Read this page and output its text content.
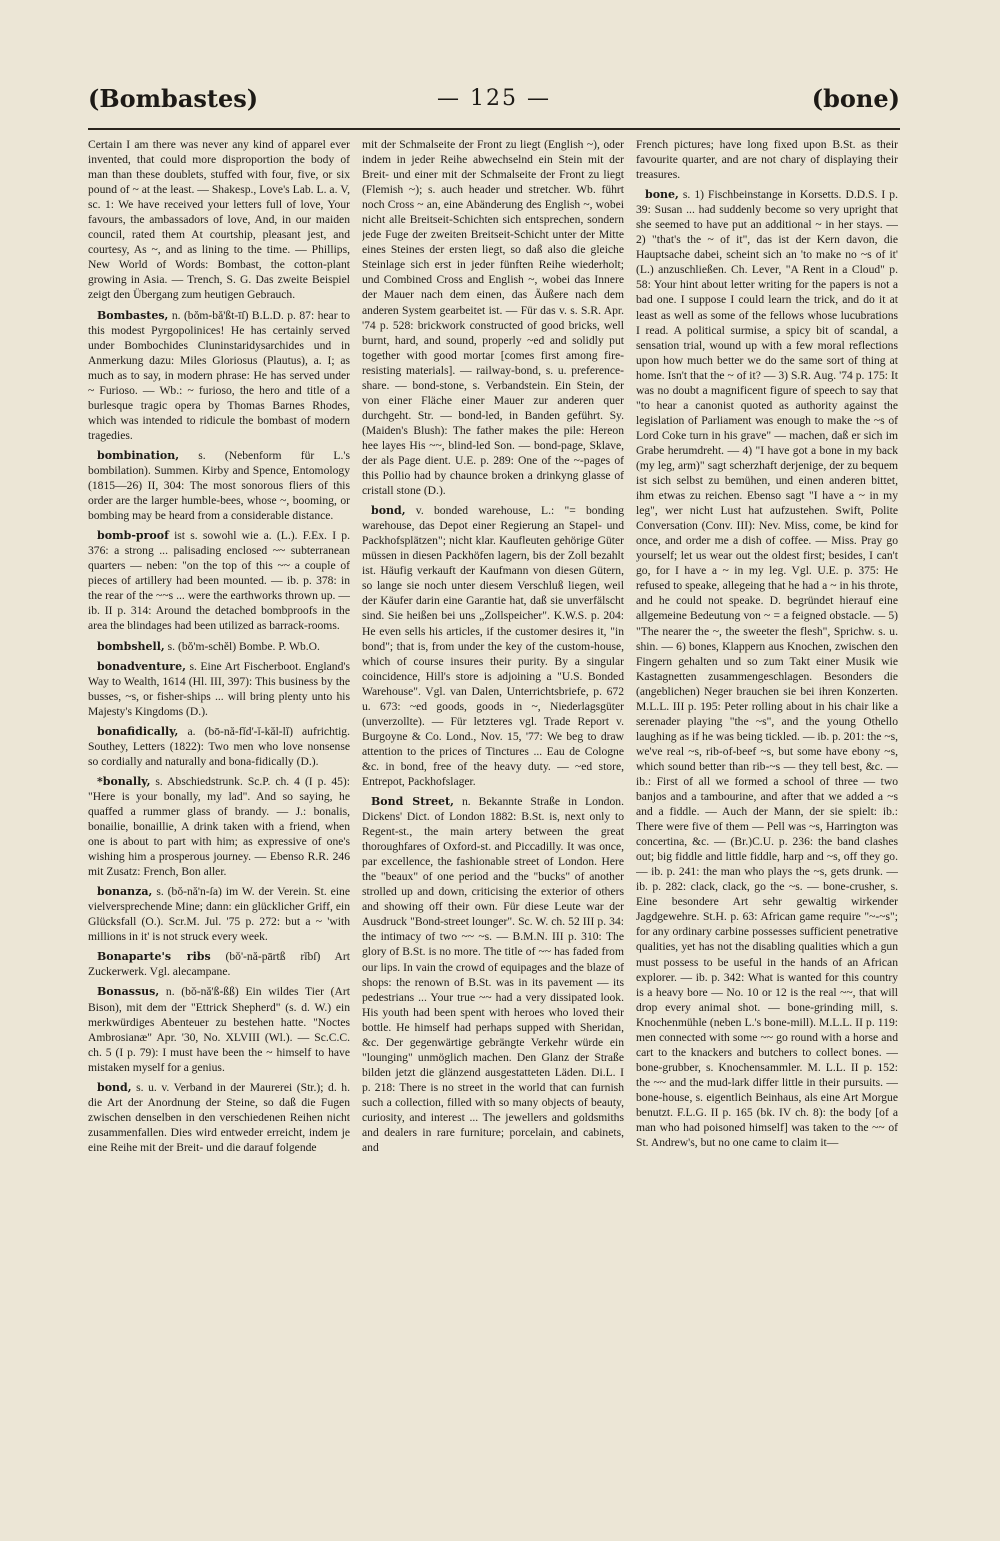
(Bombastes)	— 125 —	(bone)

Certain I am there was never any kind of apparel ever invented, that could more disproportion the body of man than these doublets, stuffed with four, five, or six pound of ~ at the least. — Shakesp., Love's Lab. L. a. V, sc. 1: We have received your letters full of love, Your favours, the ambassadors of love, And, in our maiden council, rated them At courtship, pleasant jest, and courtesy, As ~, and as lining to the time. — Phillips, New World of Words: Bombast, the cotton-plant growing in Asia. — Trench, S. G. Das zweite Beispiel zeigt den Übergang zum heutigen Gebrauch.

Bombastes, n. (bŏm-bă'ßt-īſ) B.L.D. p. 87: hear to this modest Pyrgopolinices! He has certainly served under Bombochides Cluninstaridysarchides und in Anmerkung dazu: Miles Gloriosus (Plautus), a. I; as much as to say, in modern phrase: He has served under ~ Furioso. — Wb.: ~ furioso, the hero and title of a burlesque tragic opera by Thomas Barnes Rhodes, which was intended to ridicule the bombast of modern tragedies.

bombination, s. (Nebenform für L.'s bombilation). Summen. Kirby and Spence, Entomology (1815—26) II, 304: The most sonorous fliers of this order are the larger humble-bees, whose ~, booming, or bombing may be heard from a considerable distance.

bomb-proof ist s. sowohl wie a. (L.). F.Ex. I p. 376: a strong ... palisading enclosed ~~ subterranean quarters — neben: "on the top of this ~~ a couple of pieces of artillery had been mounted. — ib. p. 378: in the rear of the ~~s ... were the earthworks thrown up. — ib. II p. 314: Around the detached bombproofs in the area the blindages had been utilized as barrack-rooms.

bombshell, s. (bŏ'm-schĕl) Bombe. P. Wb.O.

bonadventure, s. Eine Art Fischerboot. England's Way to Wealth, 1614 (Hl. III, 397): This business by the busses, ~s, or fisher-ships ... will bring plenty unto his Majesty's Kingdoms (D.).

bonafidically, a. (bō-nă-fĭd'-ĭ-kăl-lĭ) aufrichtig. Southey, Letters (1822): Two men who love nonsense so cordially and naturally and bona-fidically (D.).

*bonally, s. Abschiedstrunk. Sc.P. ch. 4 (I p. 45): "Here is your bonally, my lad". And so saying, he quaffed a rummer glass of brandy. — J.: bonalis, bonailie, bonaillie, A drink taken with a friend, when one is about to part with him; as expressive of one's wishing him a prosperous journey. — Ebenso R.R. 246 mit Zusatz: French, Bon aller.

bonanza, s. (bŏ-nă'n-ſa) im W. der Verein. St. eine vielversprechende Mine; dann: ein glücklicher Griff, ein Glücksfall (O.). Scr.M. Jul. '75 p. 272: but a ~ 'with millions in it' is not struck every week.

Bonaparte's ribs (bŏ'-nă-pārtß rĭbſ) Art Zuckerwerk. Vgl. alecampane.

Bonassus, n. (bŏ-nă'ß-ßß) Ein wildes Tier (Art Bison), mit dem der "Ettrick Shepherd" (s. d. W.) ein merkwürdiges Abenteuer zu bestehen hatte. "Noctes Ambrosianæ" Apr. '30, No. XLVIII (Wl.). — Sc.C.C. ch. 5 (I p. 79): I must have been the ~ himself to have mistaken myself for a genius.

bond, s. u. v. Verband in der Maurerei (Str.); d. h. die Art der Anordnung der Steine, so daß die Fugen zwischen denselben in den verschiedenen Reihen nicht zusammenfallen. Dies wird entweder erreicht, indem je eine Reihe mit der Breit- und die darauf folgende

mit der Schmalseite der Front zu liegt (English ~), oder indem in jeder Reihe abwechselnd ein Stein mit der Breit- und einer mit der Schmalseite der Front zu liegt (Flemish ~); s. auch header und stretcher. Wb. führt noch Cross ~ an, eine Abänderung des English ~, wobei nicht alle Breitseit-Schichten sich entsprechen, sondern jede Fuge der zweiten Breitseit-Schicht unter der Mitte eines Steines der ersten liegt, so daß also die gleiche Steinlage sich erst in jeder fünften Reihe wiederholt; und Combined Cross and English ~, wobei das Innere der Mauer nach dem einen, das Äußere nach dem anderen System gearbeitet ist. — Für das v. s. S.R. Apr. '74 p. 528: brickwork constructed of good bricks, well burnt, hard, and sound, properly ~ed and solidly put together with good mortar [comes first among fire-resisting materials]. — railway-bond, s. u. preference-share. — bond-stone, s. Verbandstein. Ein Stein, der von einer Fläche einer Mauer zur anderen quer durchgeht. Str. — bond-led, in Banden geführt. Sy. (Maiden's Blush): The father makes the pile: Hereon hee layes His ~~, blind-led Son. — bond-page, Sklave, der als Page dient. U.E. p. 289: One of the ~-pages of this Pollio had by chaunce broken a drinkyng glasse of cristall stone (D.).

bond, v. bonded warehouse, L.: "= bonding warehouse, das Depot einer Regierung an Stapel- und Packhofsplätzen"; nicht klar. Kaufleuten gehörige Güter müssen in diesen Packhöfen lagern, bis der Zoll bezahlt ist. Häufig verkauft der Kaufmann von diesen Gütern, so lange sie noch unter diesem Verschluß liegen, weil der Käufer darin eine Garantie hat, daß sie unverfälscht sind. Sie heißen bei uns „Zollspeicher". K.W.S. p. 204: He even sells his articles, if the customer desires it, "in bond"; that is, from under the key of the custom-house, which of course insures their purity. By a singular coincidence, Hill's store is adjoining a "U.S. Bonded Warehouse". Vgl. van Dalen, Unterrichtsbriefe, p. 672 u. 673: ~ed goods, goods in ~, Niederlagsgüter (unverzollte). — Für letzteres vgl. Trade Report v. Burgoyne & Co. Lond., Nov. 15, '77: We beg to draw attention to the prices of Tinctures ... Eau de Cologne &c. in bond, free of the heavy duty. — ~ed store, Entrepot, Packhofslager.

Bond Street, n. Bekannte Straße in London. Dickens' Dict. of London 1882: B.St. is, next only to Regent-st., the main artery between the great thoroughfares of Oxford-st. and Piccadilly. It was once, par excellence, the fashionable street of London. Here the "beaux" of one period and the "bucks" of another strolled up and down, criticising the exterior of others and showing off their own. Für diese Leute war der Ausdruck "Bond-street lounger". Sc. W. ch. 52 III p. 34: the intimacy of two ~~ ~s. — B.M.N. III p. 310: The glory of B.St. is no more. The title of ~~ has faded from our lips. In vain the crowd of equipages and the blaze of shops: the renown of B.St. was in its pavement — its pedestrians ... Your true ~~ had a very dissipated look. His youth had been spent with heroes who loved their bottle. He himself had perhaps supped with Sheridan, &c. Der gegenwärtige gebrängte Verkehr würde ein "lounging" unmöglich machen. Den Glanz der Straße bilden jetzt die glänzend ausgestatteten Läden. Di.L. I p. 218: There is no street in the world that can furnish such a collection, filled with so many objects of beauty, curiosity, and interest ... The jewellers and goldsmiths and dealers in rare furniture; porcelain, and cabinets, and

French pictures; have long fixed upon B.St. as their favourite quarter, and are not chary of displaying their treasures.

bone, s. 1) Fischbeinstange in Korsetts. D.D.S. I p. 39: Susan ... had suddenly become so very upright that she seemed to have put an additional ~ in her stays. — 2) "that's the ~ of it", das ist der Kern davon, die Hauptsache dabei, scheint sich an 'to make no ~s of it' (L.) anzuschließen. Ch. Lever, "A Rent in a Cloud" p. 58: Your hint about letter writing for the papers is not a bad one. I suppose I could learn the trick, and do it at least as well as some of the fellows whose lucubrations I read. A political surmise, a spicy bit of scandal, a sensation trial, wound up with a few moral reflections upon how much better we do the same sort of thing at home. Isn't that the ~ of it? — 3) S.R. Aug. '74 p. 175: It was no doubt a magnificent figure of speech to say that "to hear a canonist quoted as authority against the legislation of Parliament was enough to make the ~s of Lord Coke turn in his grave" — machen, daß er sich im Grabe herumdreht. — 4) "I have got a bone in my back (my leg, arm)" sagt scherzhaft derjenige, der zu bequem ist sich selbst zu bemühen, und einen anderen bittet, ihm etwas zu reichen. Ebenso sagt "I have a ~ in my leg", wer nicht Lust hat aufzustehen. Swift, Polite Conversation (Conv. III): Nev. Miss, come, be kind for once, and order me a dish of coffee. — Miss. Pray go yourself; let us wear out the oldest first; besides, I can't go, for I have a ~ in my leg. Vgl. U.E. p. 375: He refused to speake, allegeing that he had a ~ in his throte, and he could not speake. D. begründet hierauf eine allgemeine Bedeutung von ~ = a feigned obstacle. — 5) "The nearer the ~, the sweeter the flesh", Sprichw. s. u. shin. — 6) bones, Klappern aus Knochen, zwischen den Fingern gehalten und so zum Takt einer Musik wie Kastagnetten zusammengeschlagen. Besonders die (angeblichen) Neger brauchen sie bei ihren Konzerten. M.L.L. III p. 195: Peter rolling about in his chair like a serenader playing "the ~s", and the young Othello laughing as if he was being tickled. — ib. p. 201: the ~s, we've real ~s, rib-of-beef ~s, but some have ebony ~s, which sound better than rib-~s — they tell best, &c. — ib.: First of all we formed a school of three — two banjos and a tambourine, and after that we added a ~s and a fiddle. — Auch der Mann, der sie spielt: ib.: There were five of them — Pell was ~s, Harrington was concertina, &c. — (Br.)C.U. p. 236: the band clashes out; big fiddle and little fiddle, harp and ~s, off they go. — ib. p. 241: the man who plays the ~s, gets drunk. — ib. p. 282: clack, clack, go the ~s. — bone-crusher, s. Eine besondere Art sehr gewaltig wirkender Jagdgewehre. St.H. p. 63: African game require "~-~s"; for any ordinary carbine possesses sufficient penetrative qualities, yet has not the disabling qualities which a gun must possess to be useful in the hands of an African explorer. — ib. p. 342: What is wanted for this country is a heavy bore — No. 10 or 12 is the real ~~, that will drop every animal shot. — bone-grinding mill, s. Knochenmühle (neben L.'s bone-mill). M.L.L. II p. 119: men connected with some ~~ go round with a horse and cart to the knackers and butchers to collect bones. — bone-grubber, s. Knochensammler. M. L.L. II p. 152: the ~~ and the mud-lark differ little in their pursuits. — bone-house, s. eigentlich Beinhaus, als eine Art Morgue benutzt. F.L.G. II p. 165 (bk. IV ch. 8): the body [of a man who had poisoned himself] was taken to the ~~ of St. Andrew's, but no one came to claim it—
